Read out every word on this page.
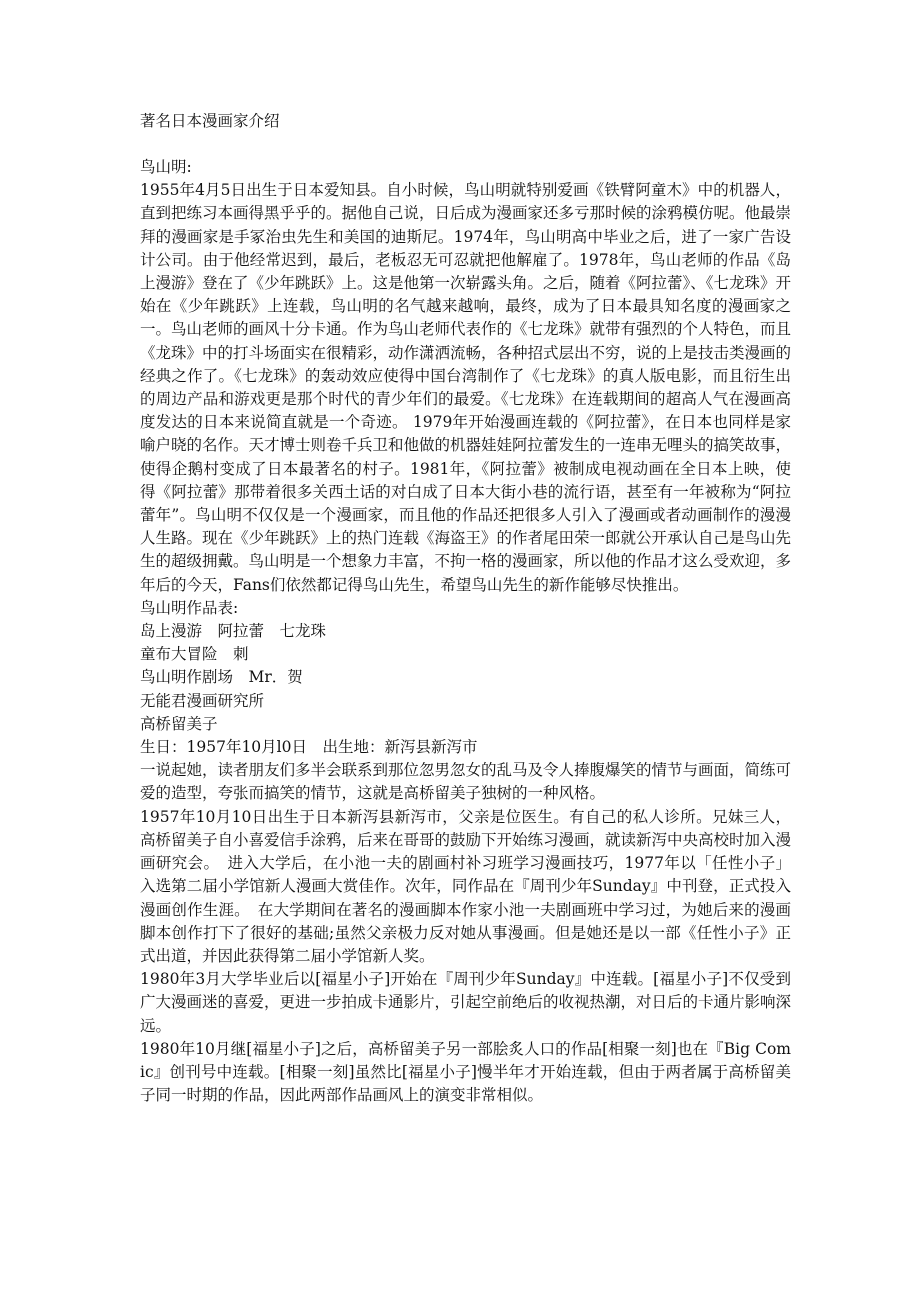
著名日本漫画家介绍

鸟山明:

1955年4月5日出生于日本爱知县。自小时候，鸟山明就特别爱画《铁臂阿童木》中的机器人，直到把练习本画得黑乎乎的。据他自己说，日后成为漫画家还多亏那时候的涂鸦模仿呢。他最崇拜的漫画家是手冢治虫先生和美国的迪斯尼。1974年，鸟山明高中毕业之后，进了一家广告设计公司。由于他经常迟到，最后，老板忍无可忍就把他解雇了。1978年，鸟山老师的作品《岛上漫游》登在了《少年跳跃》上。这是他第一次崭露头角。之后，随着《阿拉蕾》、《七龙珠》开始在《少年跳跃》上连载，鸟山明的名气越来越响，最终，成为了日本最具知名度的漫画家之一。鸟山老师的画风十分卡通。作为鸟山老师代表作的《七龙珠》就带有强烈的个人特色，而且《龙珠》中的打斗场面实在很精彩，动作潇洒流畅，各种招式层出不穷，说的上是技击类漫画的经典之作了。《七龙珠》的轰动效应使得中国台湾制作了《七龙珠》的真人版电影，而且衍生出的周边产品和游戏更是那个时代的青少年们的最爱。《七龙珠》在连载期间的超高人气在漫画高度发达的日本来说简直就是一个奇迹。 1979年开始漫画连载的《阿拉蕾》，在日本也同样是家喻户晓的名作。天才博士则卷千兵卫和他做的机器娃娃阿拉蕾发生的一连串无哩头的搞笑故事，使得企鹅村变成了日本最著名的村子。1981年，《阿拉蕾》被制成电视动画在全日本上映，使得《阿拉蕾》那带着很多关西土话的对白成了日本大街小巷的流行语，甚至有一年被称为“阿拉蕾年”。鸟山明不仅仅是一个漫画家，而且他的作品还把很多人引入了漫画或者动画制作的漫漫人生路。现在《少年跳跃》上的热门连载《海盗王》的作者尾田荣一郎就公开承认自己是鸟山先生的超级拥戴。鸟山明是一个想象力丰富，不拘一格的漫画家，所以他的作品才这么受欢迎，多年后的今天，Fans们依然都记得鸟山先生，希望鸟山先生的新作能够尽快推出。

鸟山明作品表:

岛上漫游　阿拉蕾　七龙珠

童布大冒险　刺

鸟山明作剧场　Mr．贺

无能君漫画研究所

高桥留美子

生日：1957年10月l0日　出生地：新泻县新泻市

一说起她，读者朋友们多半会联系到那位忽男忽女的乱马及令人捧腹爆笑的情节与画面，简练可爱的造型，夸张而搞笑的情节，这就是高桥留美子独树的一种风格。

1957年10月10日出生于日本新泻县新泻市，父亲是位医生。有自己的私人诊所。兄妹三人，高桥留美子自小喜爱信手涂鸦，后来在哥哥的鼓励下开始练习漫画，就读新泻中央高校时加入漫画研究会。　进入大学后，在小池一夫的剧画村补习班学习漫画技巧，1977年以「任性小子」入选第二届小学馆新人漫画大赏佳作。次年，同作品在『周刊少年Sunday』中刊登，正式投入漫画创作生涯。　在大学期间在著名的漫画脚本作家小池一夫剧画班中学习过，为她后来的漫画脚本创作打下了很好的基础;虽然父亲极力反对她从事漫画。但是她还是以一部《任性小子》正式出道，并因此获得第二届小学馆新人奖。

1980年3月大学毕业后以[福星小子]开始在『周刊少年Sunday』中连载。[福星小子]不仅受到广大漫画迷的喜爱，更进一步拍成卡通影片，引起空前绝后的收视热潮，对日后的卡通片影响深远。

1980年10月继[福星小子]之后，高桥留美子另一部脍炙人口的作品[相聚一刻]也在『Big Comic』创刊号中连载。[相聚一刻]虽然比[福星小子]慢半年才开始连载，但由于两者属于高桥留美子同一时期的作品，因此两部作品画风上的演变非常相似。
